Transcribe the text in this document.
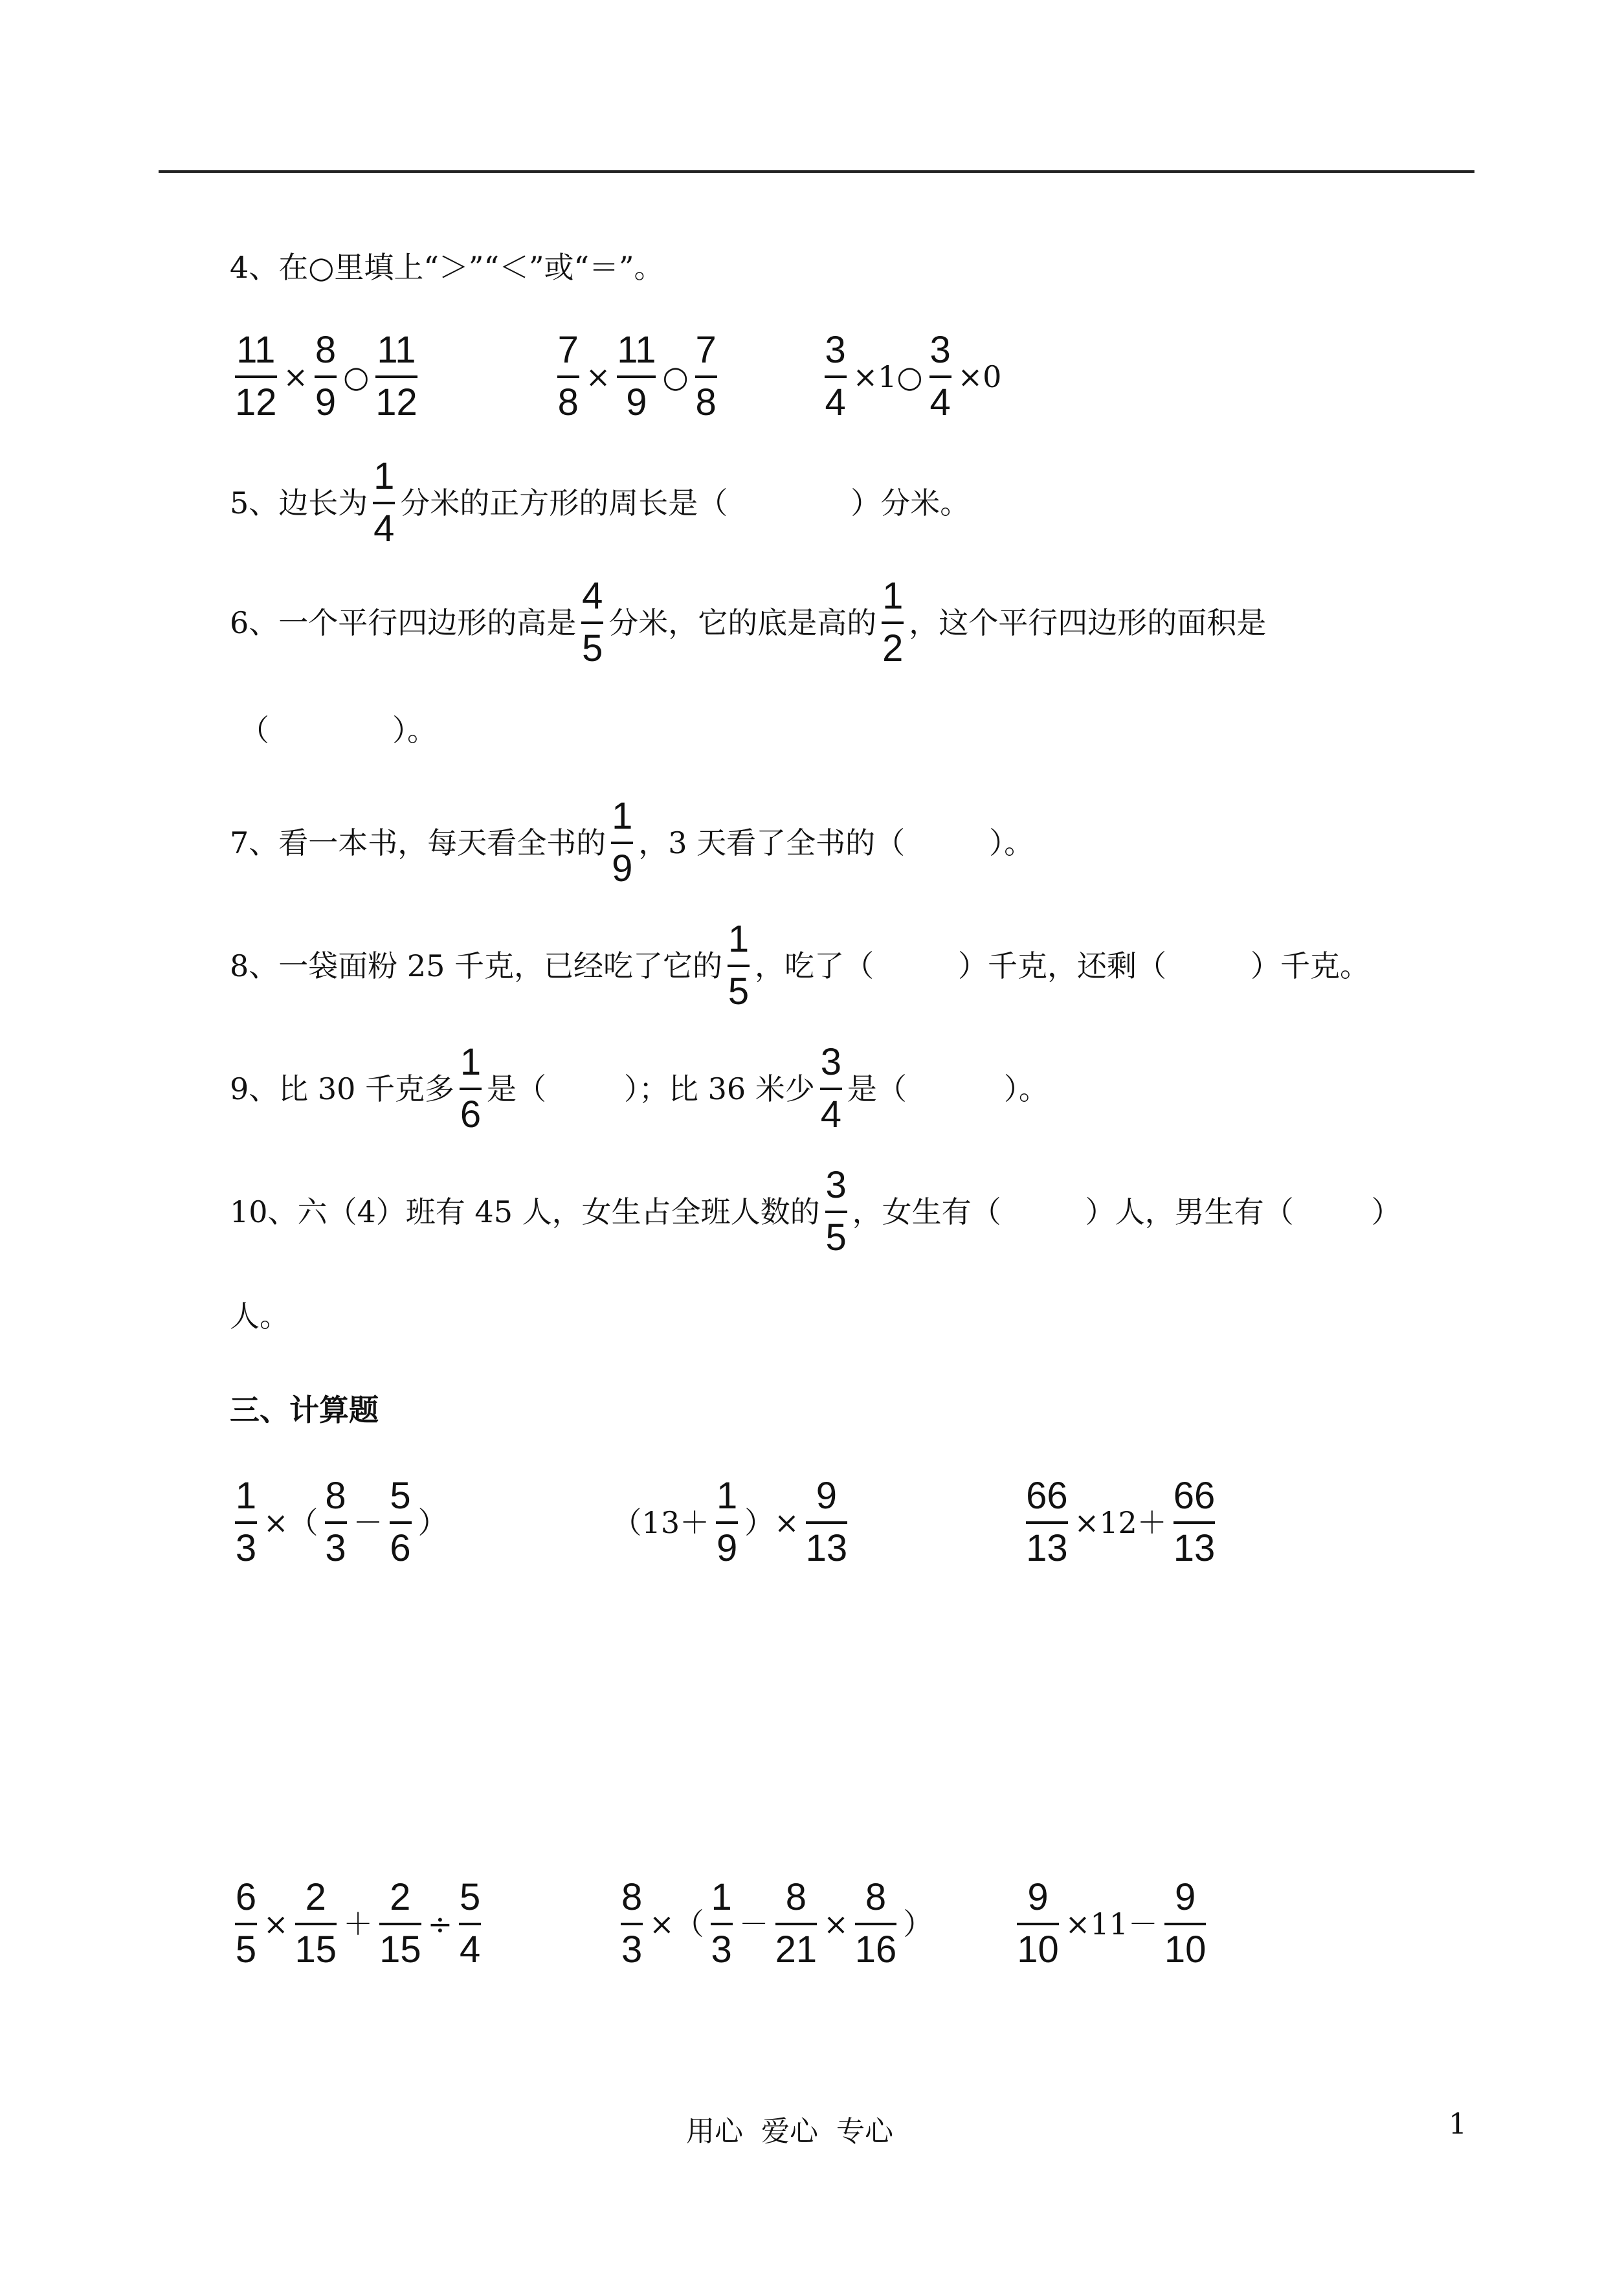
4、在○里填上“＞”“＜”或“＝”。
$\frac{11}{12} \times \frac{8}{9}$ ○ $\frac{11}{12}$	$\frac{7}{8} \times \frac{11}{9}$ ○ $\frac{7}{8}$	$\frac{3}{4}$ ×1○ $\frac{3}{4} \times 0$
5、边长为 $\frac{1}{4}$ 分米的正方形的周长是（	）分米。
6、一个平行四边形的高是 $\frac{4}{5}$ 分米，它的底是高的 $\frac{1}{2}$ ，这个平行四边形的面积是
（	）。
7、看一本书，每天看全书的 $\frac{1}{9}$ ，3 天看了全书的（	）。
8、一袋面粉 25 千克，已经吃了它的 $\frac{1}{5}$ ，吃了（	）千克，还剩（	）千克。
9、比 30 千克多 $\frac{1}{6}$ 是（	）；比 36 米少 $\frac{3}{4}$ 是（	）。
10、六（4）班有 45 人，女生占全班人数的 $\frac{3}{5}$ ，女生有（	）人，男生有（	）
人。
三、计算题
$\frac{1}{3}$ ×（ $\frac{8}{3} - \frac{5}{6}$ ）	（$13+ \frac{1}{9}$ ）× $\frac{9}{13}$	$\frac{66}{13} \times 12+ \frac{66}{13}$
$\frac{6}{5} \times \frac{2}{15} + \frac{2}{15} \div \frac{5}{4}$	$\frac{8}{3}$ ×（ $\frac{1}{3} - \frac{8}{21} \times \frac{8}{16}$ ） $\frac{9}{10} \times 11- \frac{9}{10}$
用心  爱心  专心	1
